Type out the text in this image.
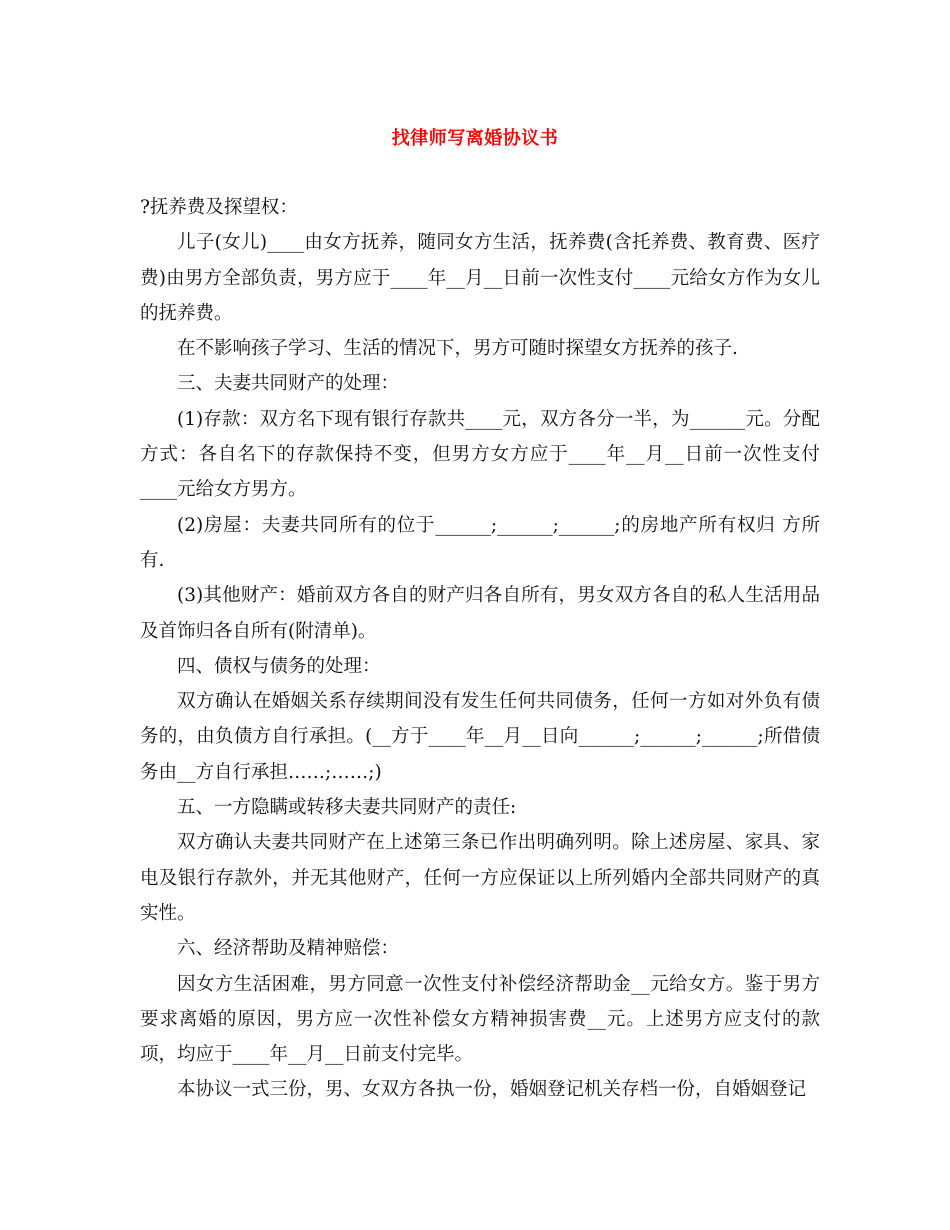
找律师写离婚协议书

?抚养费及探望权：

儿子(女儿)____由女方抚养，随同女方生活，抚养费(含托养费、教育费、医疗费)由男方全部负责，男方应于____年__月__日前一次性支付____元给女方作为女儿的抚养费。

在不影响孩子学习、生活的情况下，男方可随时探望女方抚养的孩子.

三、夫妻共同财产的处理：

(1)存款：双方名下现有银行存款共____元，双方各分一半，为______元。分配方式：各自名下的存款保持不变，但男方女方应于____年__月__日前一次性支付____元给女方男方。

(2)房屋：夫妻共同所有的位于______;______;______;的房地产所有权归 方所有.

(3)其他财产：婚前双方各自的财产归各自所有，男女双方各自的私人生活用品及首饰归各自所有(附清单)。

四、债权与债务的处理：

双方确认在婚姻关系存续期间没有发生任何共同债务，任何一方如对外负有债务的，由负债方自行承担。(__方于____年__月__日向______;______;______;所借债务由__方自行承担……;……;)

五、一方隐瞒或转移夫妻共同财产的责任:

双方确认夫妻共同财产在上述第三条已作出明确列明。除上述房屋、家具、家电及银行存款外，并无其他财产，任何一方应保证以上所列婚内全部共同财产的真实性。

六、经济帮助及精神赔偿：

因女方生活困难，男方同意一次性支付补偿经济帮助金__元给女方。鉴于男方要求离婚的原因，男方应一次性补偿女方精神损害费__元。上述男方应支付的款项，均应于____年__月__日前支付完毕。

本协议一式三份，男、女双方各执一份，婚姻登记机关存档一份，自婚姻登记
